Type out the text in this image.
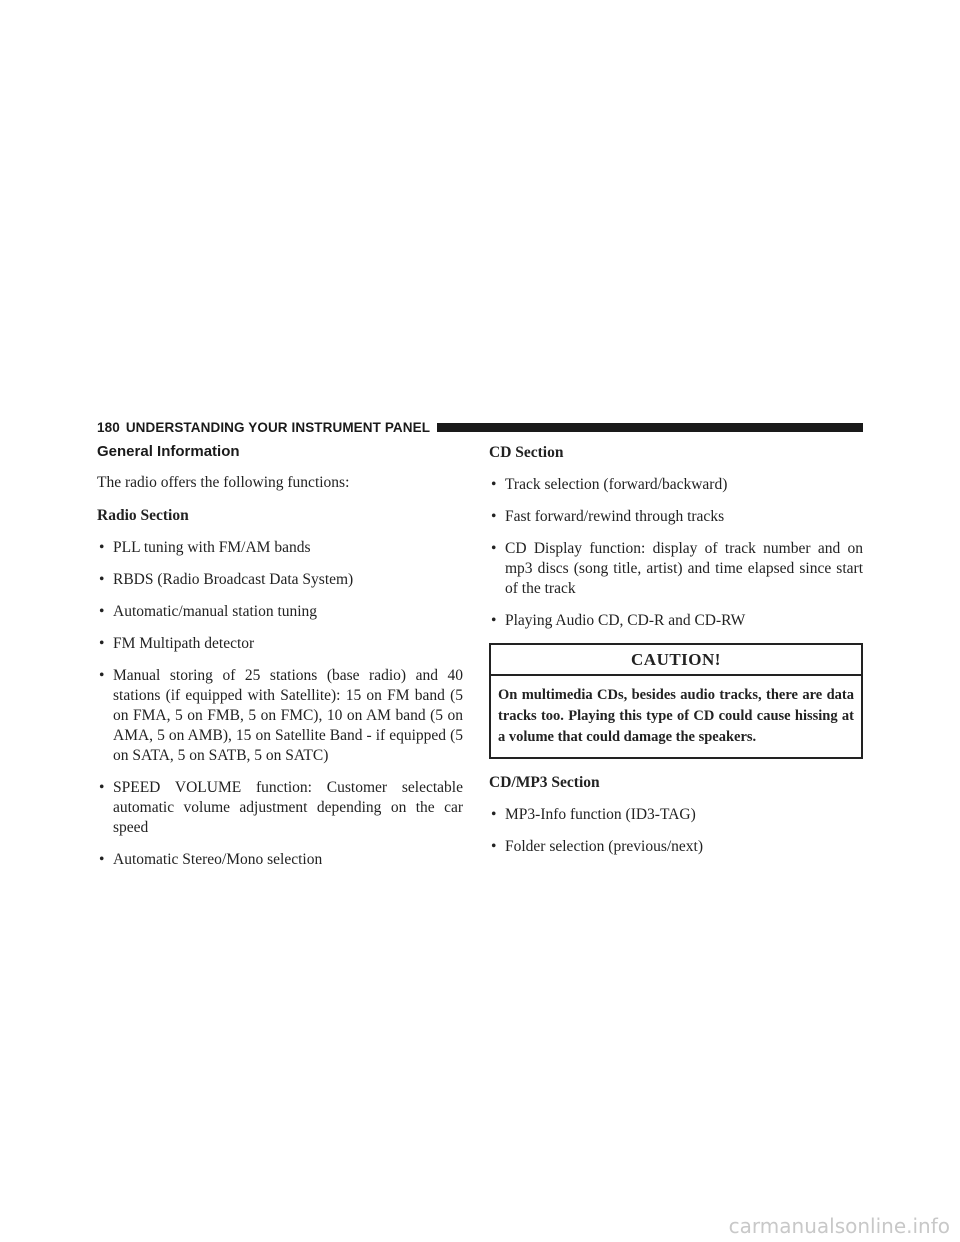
180 UNDERSTANDING YOUR INSTRUMENT PANEL
General Information

The radio offers the following functions:

Radio Section
• PLL tuning with FM/AM bands
• RBDS (Radio Broadcast Data System)
• Automatic/manual station tuning
• FM Multipath detector
• Manual storing of 25 stations (base radio) and 40 stations (if equipped with Satellite): 15 on FM band (5 on FMA, 5 on FMB, 5 on FMC), 10 on AM band (5 on AMA, 5 on AMB), 15 on Satellite Band - if equipped (5 on SATA, 5 on SATB, 5 on SATC)
• SPEED VOLUME function: Customer selectable automatic volume adjustment depending on the car speed
• Automatic Stereo/Mono selection
CD Section
• Track selection (forward/backward)
• Fast forward/rewind through tracks
• CD Display function: display of track number and on mp3 discs (song title, artist) and time elapsed since start of the track
• Playing Audio CD, CD-R and CD-RW
CAUTION!
On multimedia CDs, besides audio tracks, there are data tracks too. Playing this type of CD could cause hissing at a volume that could damage the speakers.
CD/MP3 Section
• MP3-Info function (ID3-TAG)
• Folder selection (previous/next)
carmanualsonline.info
